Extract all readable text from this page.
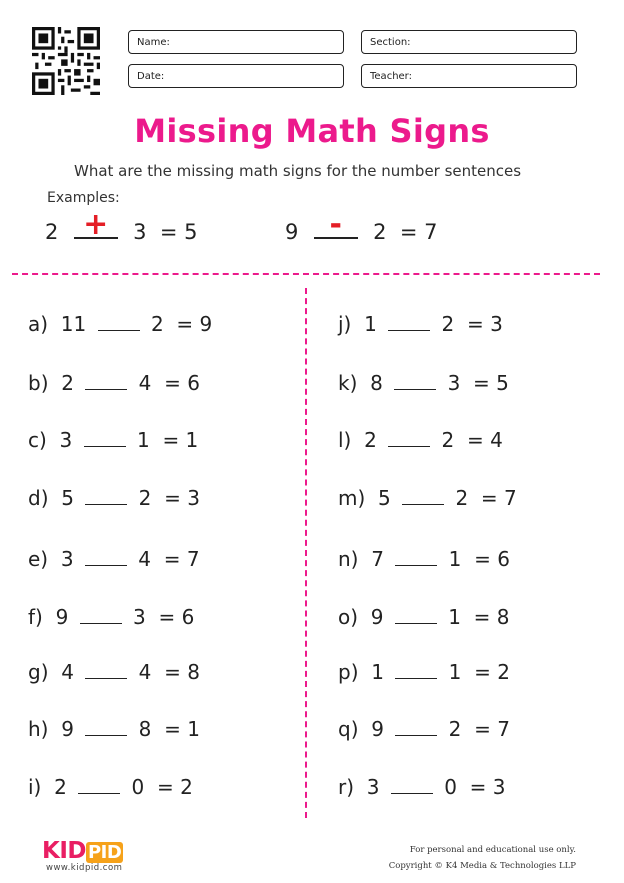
Name:	Section:
Date:	Teacher:
Missing Math Signs
What are the missing math signs for the number sentences
Examples:
2 +	3 = 5	9	-	2 = 7
a) 11	2 = 9
b) 2	4 = 6
c) 3	1 = 1
d) 5	2 = 3
e) 3	4 = 7
f) 9	3 = 6
g) 4	4 = 8
h) 9	8 = 1
i) 2	0 = 2
j) 1	2 = 3
k) 8	3 = 5
l) 2	2 = 4
m) 5	2 = 7
n) 7	1 = 6
o) 9	1 = 8
p) 1	1 = 2
q) 9	2 = 7
r) 3	0 = 3
KID PID
www.kidpid.com
For personal and educational use only.
Copyright © K4 Media & Technologies LLP
